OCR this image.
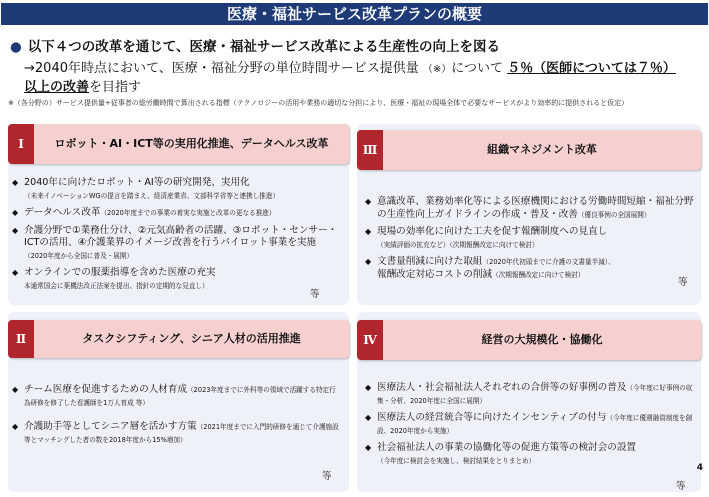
医療・福祉サービス改革プランの概要
● 以下４つの改革を通じて、医療・福祉サービス改革による生産性の向上を図る
→2040年時点において、医療・福祉分野の単位時間サービス提供量 （※）について ５％（医師については７％）
以上の改善を目指す
※（各分野の）サービス提供量÷従事者の総労働時間で算出される指標（テクノロジーの活用や業務の適切な分担により、医療・福祉の現場全体で必要なサービスがより効率的に提供されると仮定）
Ⅰ	ロボット・AI・ICT等の実用化推進、データヘルス改革
◆ 2040年に向けたロボット・AI等の研究開発、実用化
（未来イノベーションWGの提言を踏まえ、経済産業省、文部科学省等と連携し推進）
◆ データヘルス改革（2020年度までの事業の着実な実施と改革の更なる推進）
◆ 介護分野で①業務仕分け、②元気高齢者の活躍、③ロボット・センサー・ICTの活用、④介護業界のイメージ改善を行うパイロット事業を実施
（2020年度から全国に普及・展開）
◆ オンラインでの服薬指導を含めた医療の充実
本通常国会に薬機法改正法案を提出、指針の定期的な見直し）
等
Ⅱ	タスクシフティング、シニア人材の活用推進
◆ チーム医療を促進するための人材育成（2023年度までに外科等の領域で活躍する特定行為研修を修了した看護師を1万人育成 等）
◆ 介護助手等としてシニア層を活かす方策（2021年度までに入門的研修を通じて介護施設等とマッチングした者の数を2018年度から15%増加）
等
Ⅲ	組織マネジメント改革
◆ 意識改革、業務効率化等による医療機関における労働時間短縮・福祉分野の生産性向上ガイドラインの作成・普及・改善（優良事例の全国展開）
◆ 現場の効率化に向けた工夫を促す報酬制度への見直し
（実績評価の拡充など）（次期報酬改定に向けて検討）
◆ 文書量削減に向けた取組（2020年代初頭までに介護の文書量半減）、
報酬改定対応コストの削減（次期報酬改定に向けて検討）
等
Ⅳ	経営の大規模化・協働化
◆ 医療法人・社会福祉法人それぞれの合併等の好事例の普及（今年度に好事例の収集・分析、2020年度に全国に展開）
◆ 医療法人の経営統合等に向けたインセンティブの付与（今年度に優遇融資制度を創設、2020年度から実施）
◆ 社会福祉法人の事業の協働化等の促進方策等の検討会の設置
（今年度に検討会を実施し、検討結果をとりまとめ）
等
4
